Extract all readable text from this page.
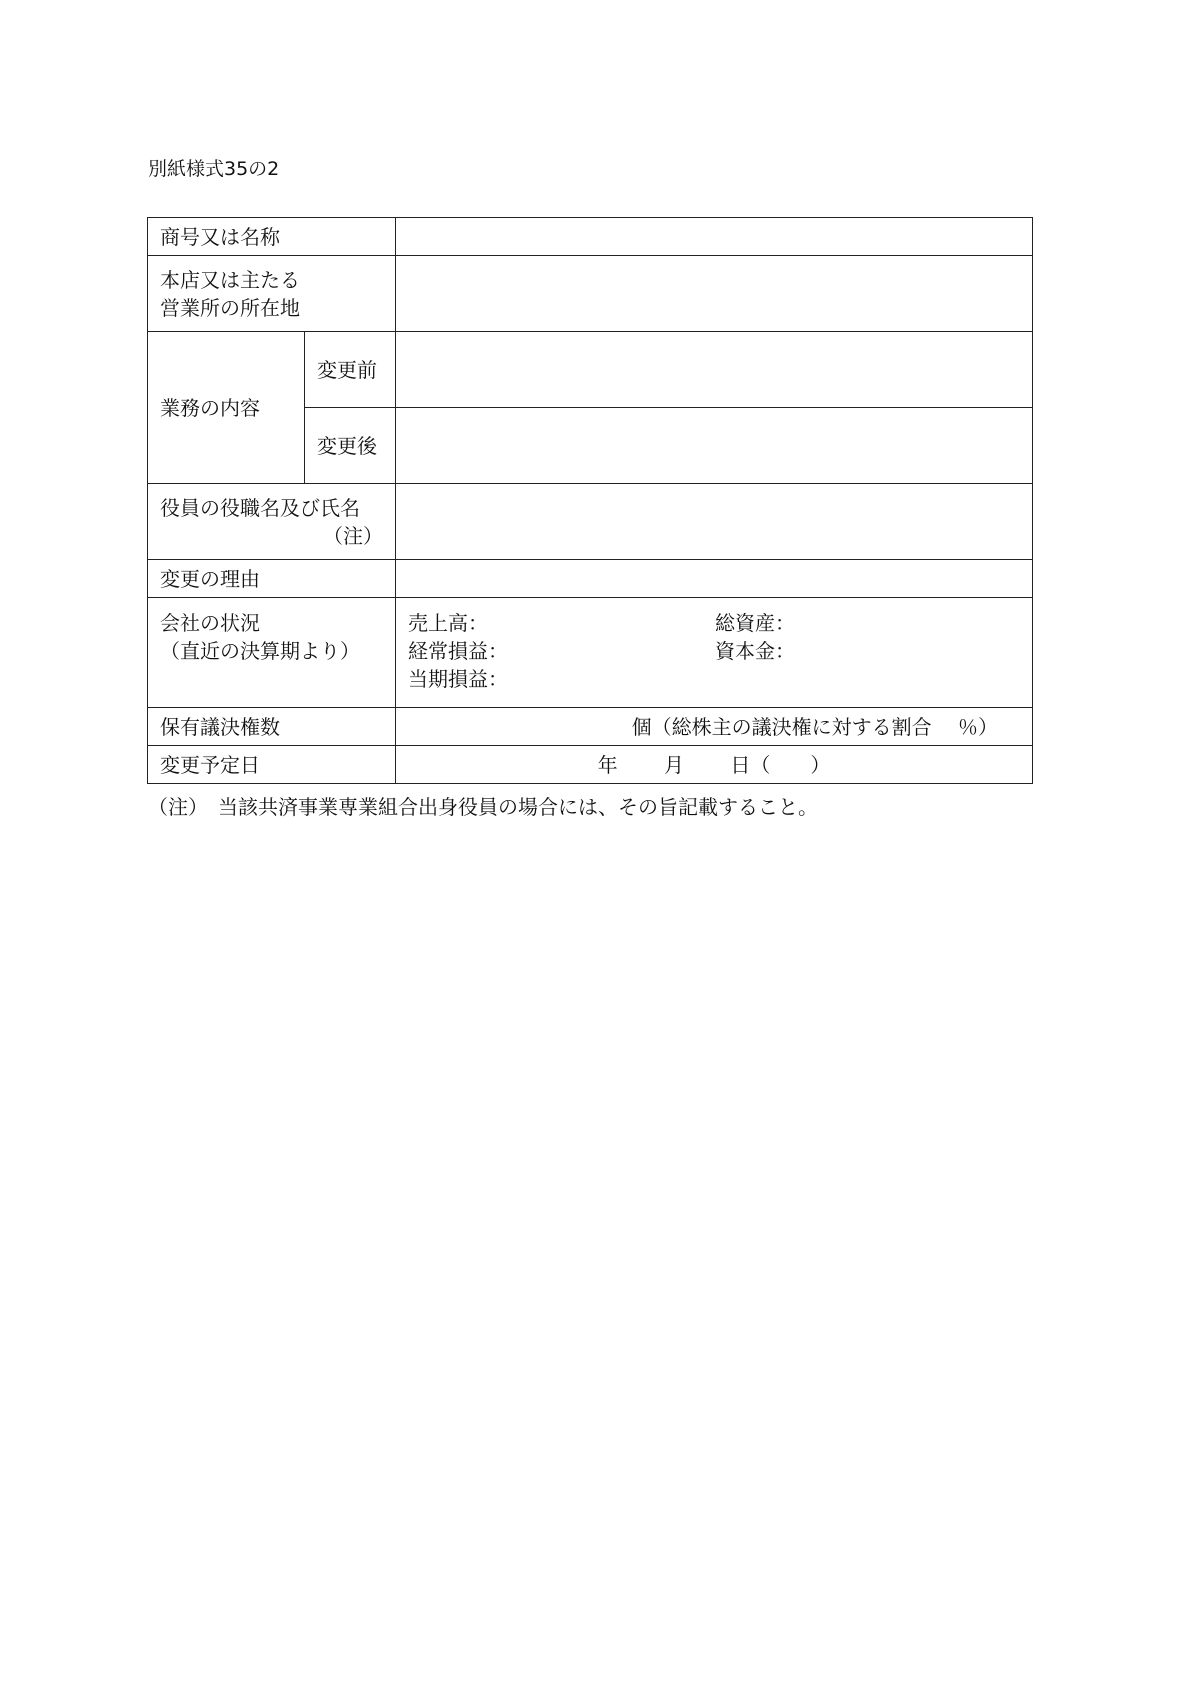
別紙様式35の2
商号又は名称		

本店又は主たる
営業所の所在地		

業務の内容	変更前	
	変更後	

役員の役職名及び氏名
（注）		

変更の理由		

会社の状況
（直近の決算期より）		売上高： 総資産：
経常損益： 資本金：
当期損益：

保有議決権数		個（総株主の議決権に対する割合　 ％）
変更予定日		年　　 月　　 日（　　）
（注）　当該共済事業専業組合出身役員の場合には、その旨記載すること。
